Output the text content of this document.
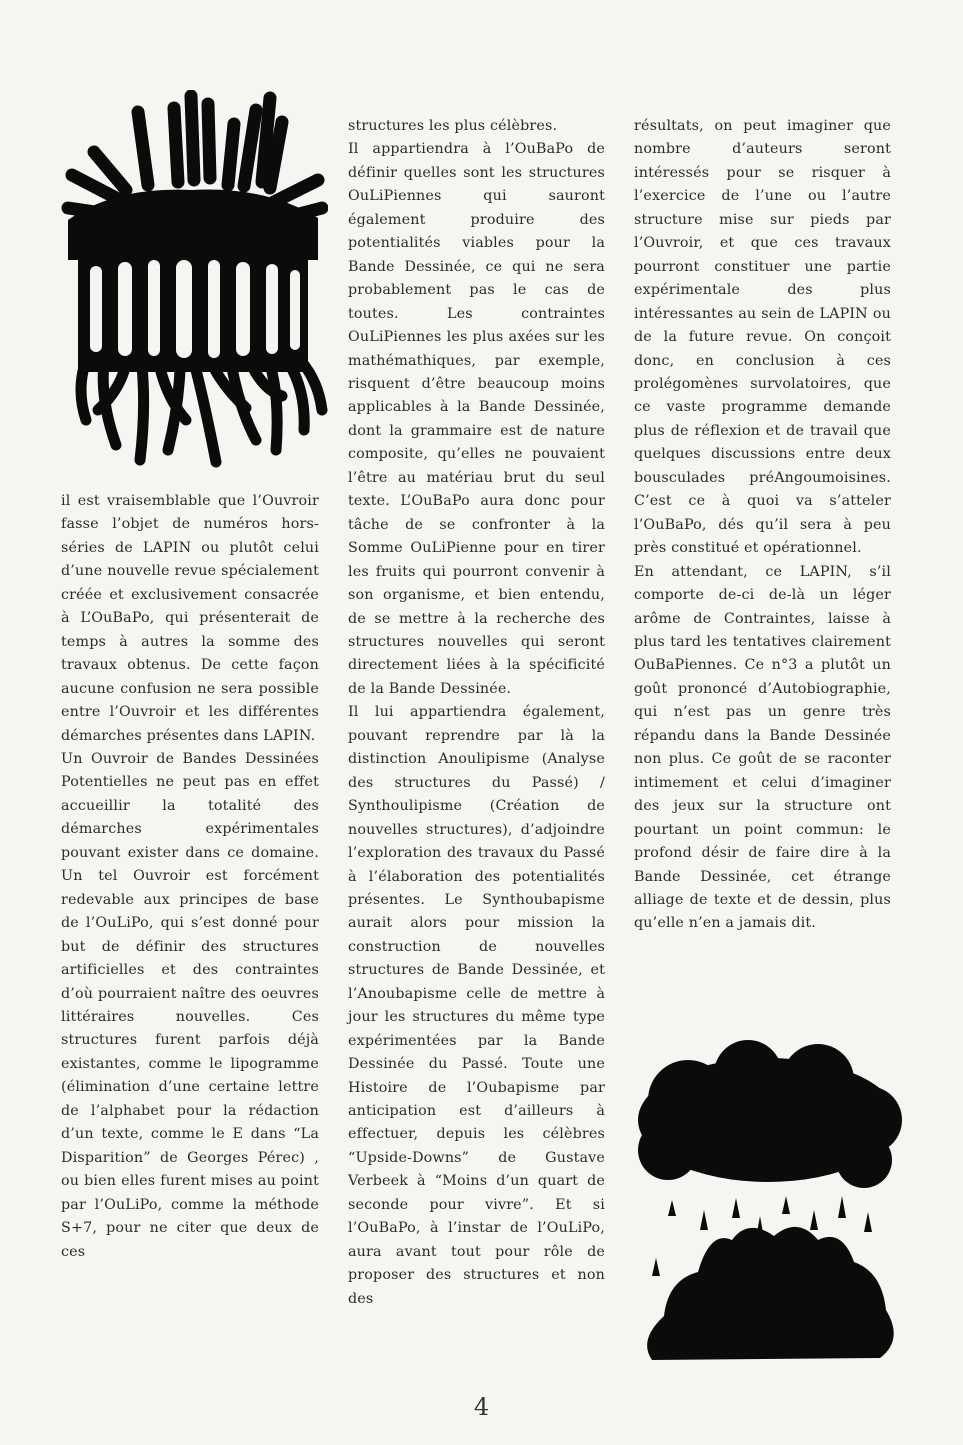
il est vraisemblable que l’Ouvroir fasse l’objet de numéros hors-séries de LAPIN ou plutôt celui d’une nouvelle revue spécialement créée et exclusivement consacrée à L’OuBaPo, qui présenterait de temps à autres la somme des travaux obtenus. De cette façon aucune confusion ne sera possible entre l’Ouvroir et les différentes démarches présentes dans LAPIN.

Un Ouvroir de Bandes Dessinées Potentielles ne peut pas en effet accueillir la totalité des démarches expérimentales pouvant exister dans ce domaine. Un tel Ouvroir est forcément redevable aux principes de base de l’OuLiPo, qui s’est donné pour but de définir des structures artificielles et des contraintes d’où pourraient naître des oeuvres littéraires nouvelles. Ces structures furent parfois déjà existantes, comme le lipogramme (élimination d’une certaine lettre de l’alphabet pour la rédaction d’un texte, comme le E dans “La Disparition” de Georges Pérec) , ou bien elles furent mises au point par l’OuLiPo, comme la méthode S+7, pour ne citer que deux de ces

structures les plus célèbres.

Il appartiendra à l’OuBaPo de définir quelles sont les structures OuLiPiennes qui sauront également produire des potentialités viables pour la Bande Dessinée, ce qui ne sera probablement pas le cas de toutes. Les contraintes OuLiPiennes les plus axées sur les mathémathiques, par exemple, risquent d’être beaucoup moins applicables à la Bande Dessinée, dont la grammaire est de nature composite, qu’elles ne pouvaient l’être au matériau brut du seul texte. L’OuBaPo aura donc pour tâche de se confronter à la Somme OuLiPienne pour en tirer les fruits qui pourront convenir à son organisme, et bien entendu, de se mettre à la recherche des structures nouvelles qui seront directement liées à la spécificité de la Bande Dessinée.

Il lui appartiendra également, pouvant reprendre par là la distinction Anoulipisme (Analyse des structures du Passé) / Synthoulipisme (Création de nouvelles structures), d’adjoindre l’exploration des travaux du Passé à l’élaboration des potentialités présentes. Le Synthoubapisme aurait alors pour mission la construction de nouvelles structures de Bande Dessinée, et l’Anoubapisme celle de mettre à jour les structures du même type expérimentées par la Bande Dessinée du Passé. Toute une Histoire de l’Oubapisme par anticipation est d’ailleurs à effectuer, depuis les célèbres “Upside-Downs” de Gustave Verbeek à “Moins d’un quart de seconde pour vivre”. Et si l’OuBaPo, à l’instar de l’OuLiPo, aura avant tout pour rôle de proposer des structures et non des

résultats, on peut imaginer que nombre d’auteurs seront intéressés pour se risquer à l’exercice de l’une ou l’autre structure mise sur pieds par l’Ouvroir, et que ces travaux pourront constituer une partie expérimentale des plus intéressantes au sein de LAPIN ou de la future revue. On conçoit donc, en conclusion à ces prolégomènes survolatoires, que ce vaste programme demande plus de réflexion et de travail que quelques discussions entre deux bousculades préAngoumoisines. C’est ce à quoi va s’atteler l’OuBaPo, dés qu’il sera à peu près constitué et opérationnel.

En attendant, ce LAPIN, s’il comporte de-ci de-là un léger arôme de Contraintes, laisse à plus tard les tentatives clairement OuBaPiennes. Ce n°3 a plutôt un goût prononcé d’Autobiographie, qui n’est pas un genre très répandu dans la Bande Dessinée non plus. Ce goût de se raconter intimement et celui d’imaginer des jeux sur la structure ont pourtant un point commun: le profond désir de faire dire à la Bande Dessinée, cet étrange alliage de texte et de dessin, plus qu’elle n’en a jamais dit.

4
